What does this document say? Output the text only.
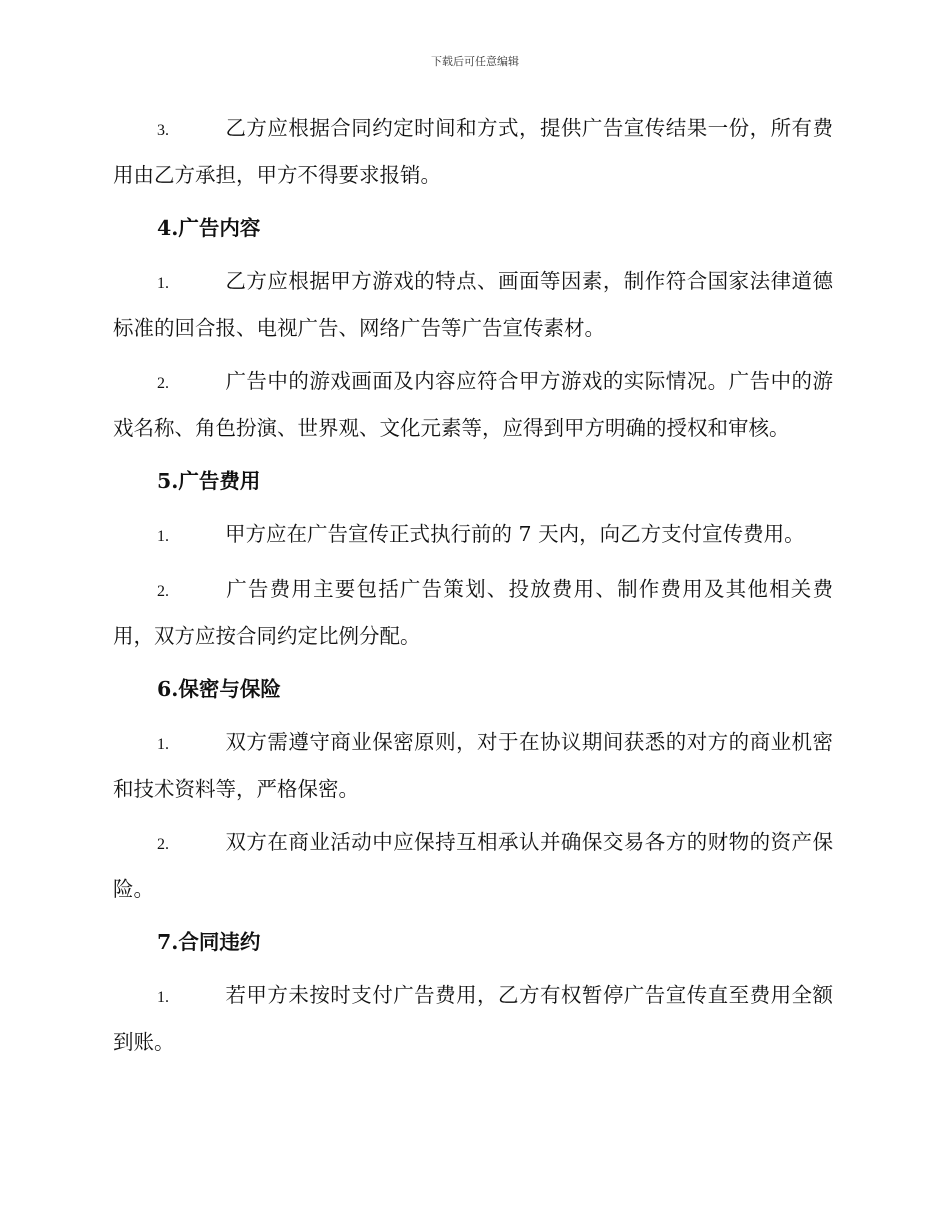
下载后可任意编辑

3.	乙方应根据合同约定时间和方式，提供广告宣传结果一份，所有费用由乙方承担，甲方不得要求报销。

4.广告内容

1.	乙方应根据甲方游戏的特点、画面等因素，制作符合国家法律道德标准的回合报、电视广告、网络广告等广告宣传素材。

2.	广告中的游戏画面及内容应符合甲方游戏的实际情况。广告中的游戏名称、角色扮演、世界观、文化元素等，应得到甲方明确的授权和审核。

5.广告费用

1.	甲方应在广告宣传正式执行前的 7 天内，向乙方支付宣传费用。

2.	广告费用主要包括广告策划、投放费用、制作费用及其他相关费用，双方应按合同约定比例分配。

6.保密与保险

1.	双方需遵守商业保密原则，对于在协议期间获悉的对方的商业机密和技术资料等，严格保密。

2.	双方在商业活动中应保持互相承认并确保交易各方的财物的资产保险。

7.合同违约

1.	若甲方未按时支付广告费用，乙方有权暂停广告宣传直至费用全额到账。
